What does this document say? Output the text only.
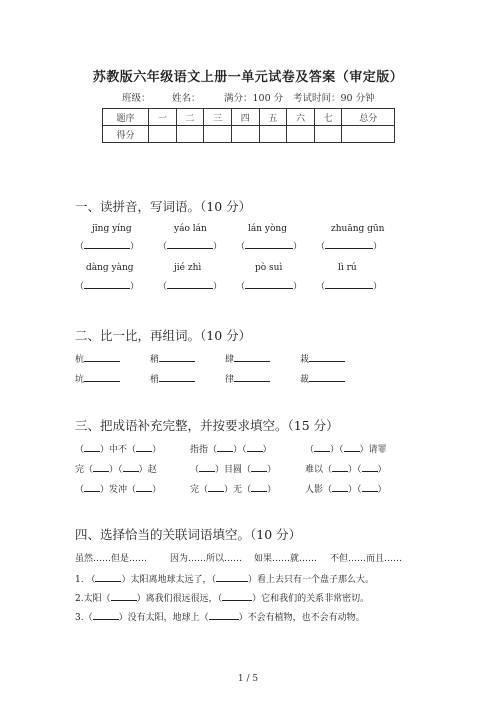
苏教版六年级语文上册一单元试卷及答案（审定版）
班级： 姓名： 满分：100 分 考试时间：90 分钟
题序	一	二	三	四	五	六	七	总分
得分								
一、读拼音，写词语。（10 分）
jīng yíng	yáo lán	lán yòng	zhuāng gūn
（	） （	） （	） （	）
dàng yàng	jié zhì	pò suì	lì rú
（	） （	） （	） （	）
二、比一比，再组词。（10 分）
杭	稍	肆	栽
坑	梢	律	裁
三、把成语补充完整，并按要求填空。（15 分）
（ ）中不（ ）	指指（ ）（ ）	（ ）（ ）请罪
完（ ）（ ）赵	（ ）目圆（ ）	难以（ ）（ ）
（ ）发冲（ ）	完（ ）无（ ）	人影（ ）（ ）
四、选择恰当的关联词语填空。（10 分）
虽然……但是……	因为……所以…… 如果……就…… 不但……而且……
1. （	）太阳离地球太远了，（	）看上去只有一个盘子那么大。
2.太阳（	）离我们很远很远，（	）它和我们的关系非常密切。
3.（	）没有太阳，地球上（	）不会有植物，也不会有动物。
1 / 5
